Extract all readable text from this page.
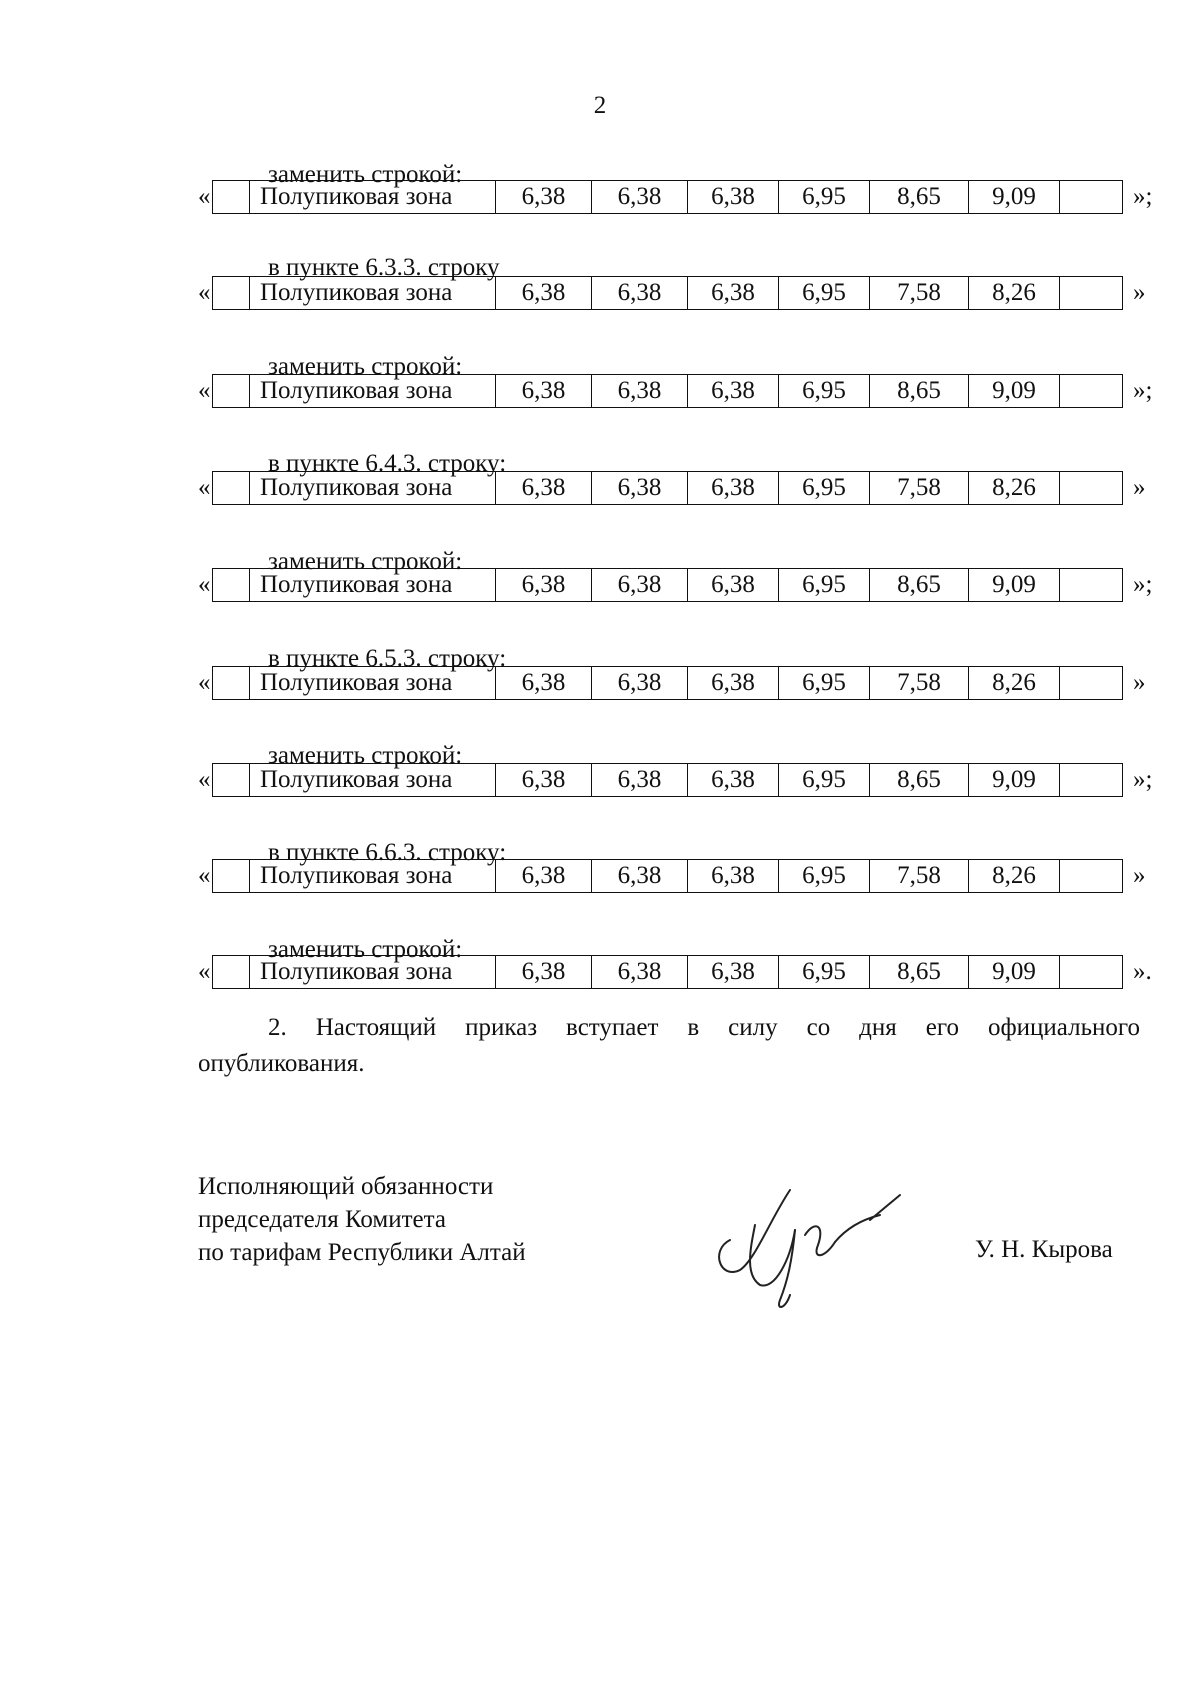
2
заменить строкой:
«
	Полупиковая зона	6,38	6,38	6,38	6,95	8,65	9,09		»;
в пункте 6.3.3. строку
«
	Полупиковая зона	6,38	6,38	6,38	6,95	7,58	8,26		»
заменить строкой:
«
	Полупиковая зона	6,38	6,38	6,38	6,95	8,65	9,09		»;
в пункте 6.4.3. строку:
«
	Полупиковая зона	6,38	6,38	6,38	6,95	7,58	8,26		»
заменить строкой:
«
	Полупиковая зона	6,38	6,38	6,38	6,95	8,65	9,09		»;
в пункте 6.5.3. строку:
«
	Полупиковая зона	6,38	6,38	6,38	6,95	7,58	8,26		»
заменить строкой:
«
	Полупиковая зона	6,38	6,38	6,38	6,95	8,65	9,09		»;
в пункте 6.6.3. строку:
«
	Полупиковая зона	6,38	6,38	6,38	6,95	7,58	8,26		»
заменить строкой:
«
	Полупиковая зона	6,38	6,38	6,38	6,95	8,65	9,09		».
2. Настоящий приказ вступает в силу со дня его официального
опубликования.
Исполняющий обязанности
председателя Комитета
по тарифам Республики Алтай	У. Н. Кырова
